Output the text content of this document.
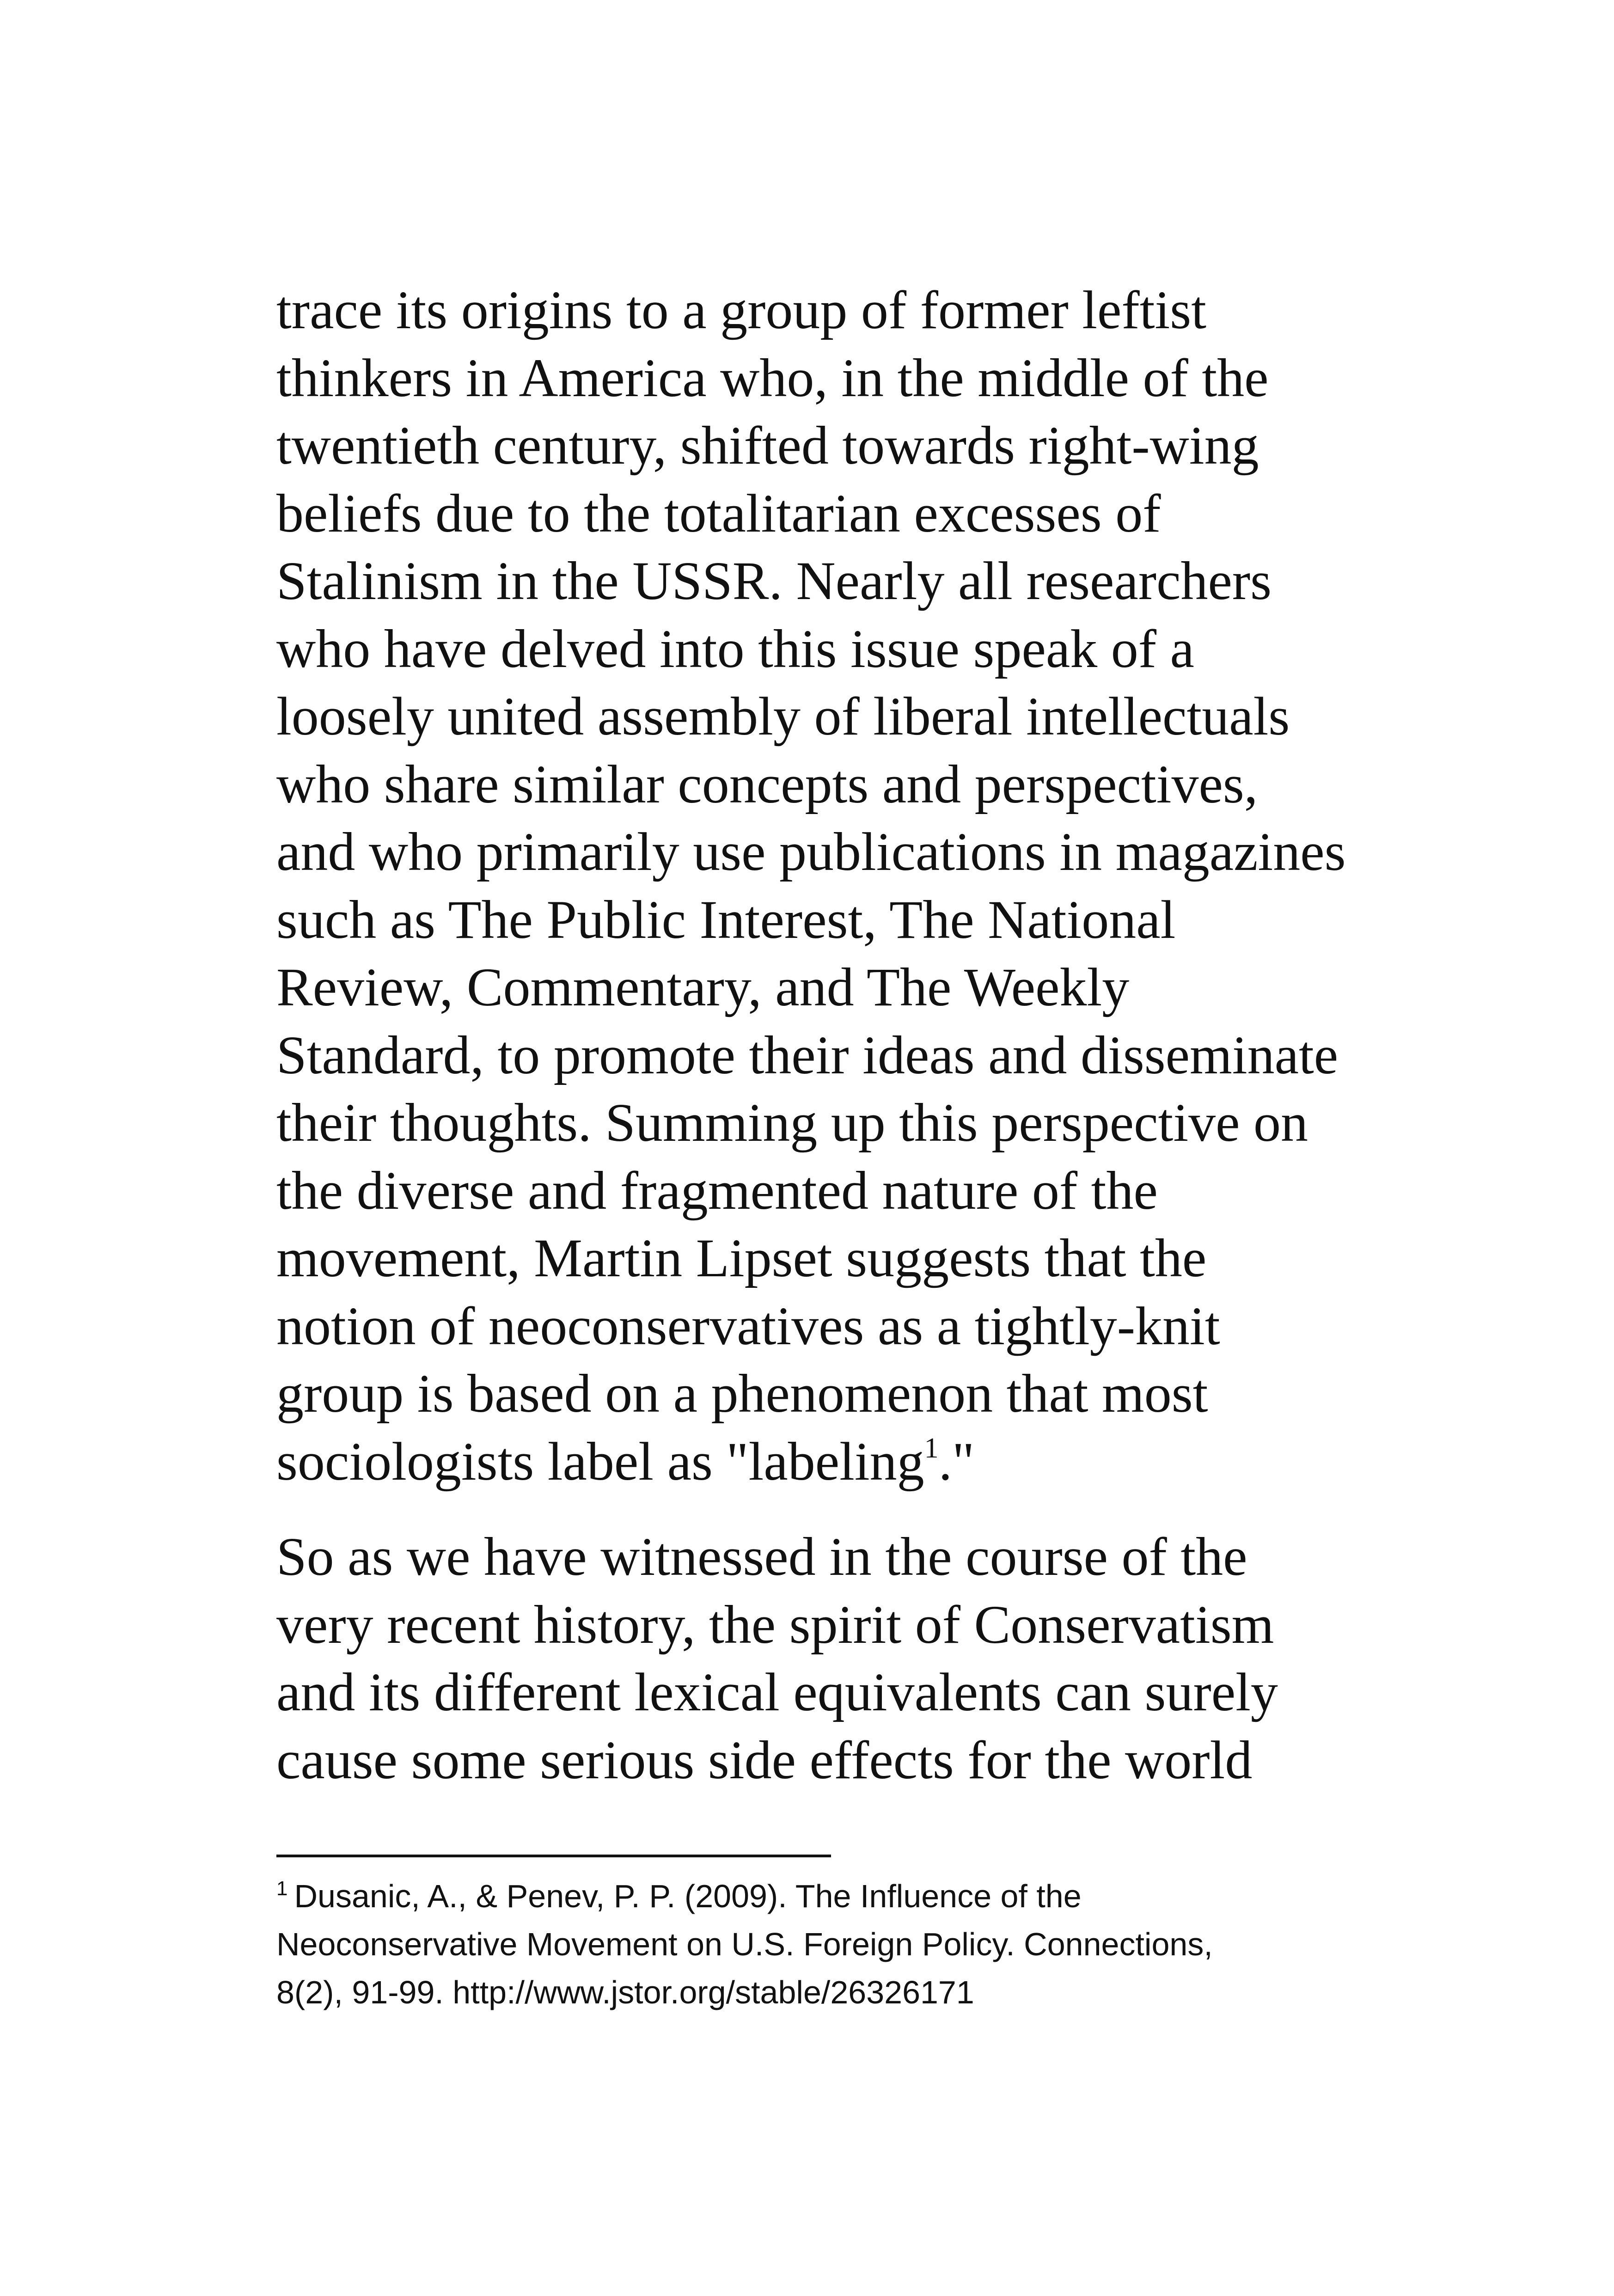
trace its origins to a group of former leftist
thinkers in America who, in the middle of the
twentieth century, shifted towards right-wing
beliefs due to the totalitarian excesses of
Stalinism in the USSR. Nearly all researchers
who have delved into this issue speak of a
loosely united assembly of liberal intellectuals
who share similar concepts and perspectives,
and who primarily use publications in magazines
such as The Public Interest, The National
Review, Commentary, and The Weekly
Standard, to promote their ideas and disseminate
their thoughts. Summing up this perspective on
the diverse and fragmented nature of the
movement, Martin Lipset suggests that the
notion of neoconservatives as a tightly-knit
group is based on a phenomenon that most
sociologists label as "labeling$^1$."
So as we have witnessed in the course of the
very recent history, the spirit of Conservatism
and its different lexical equivalents can surely
cause some serious side effects for the world
$^1$ Dusanic, A., & Penev, P. P. (2009). The Influence of the
Neoconservative Movement on U.S. Foreign Policy. Connections,
8(2), 91-99. http://www.jstor.org/stable/26326171
